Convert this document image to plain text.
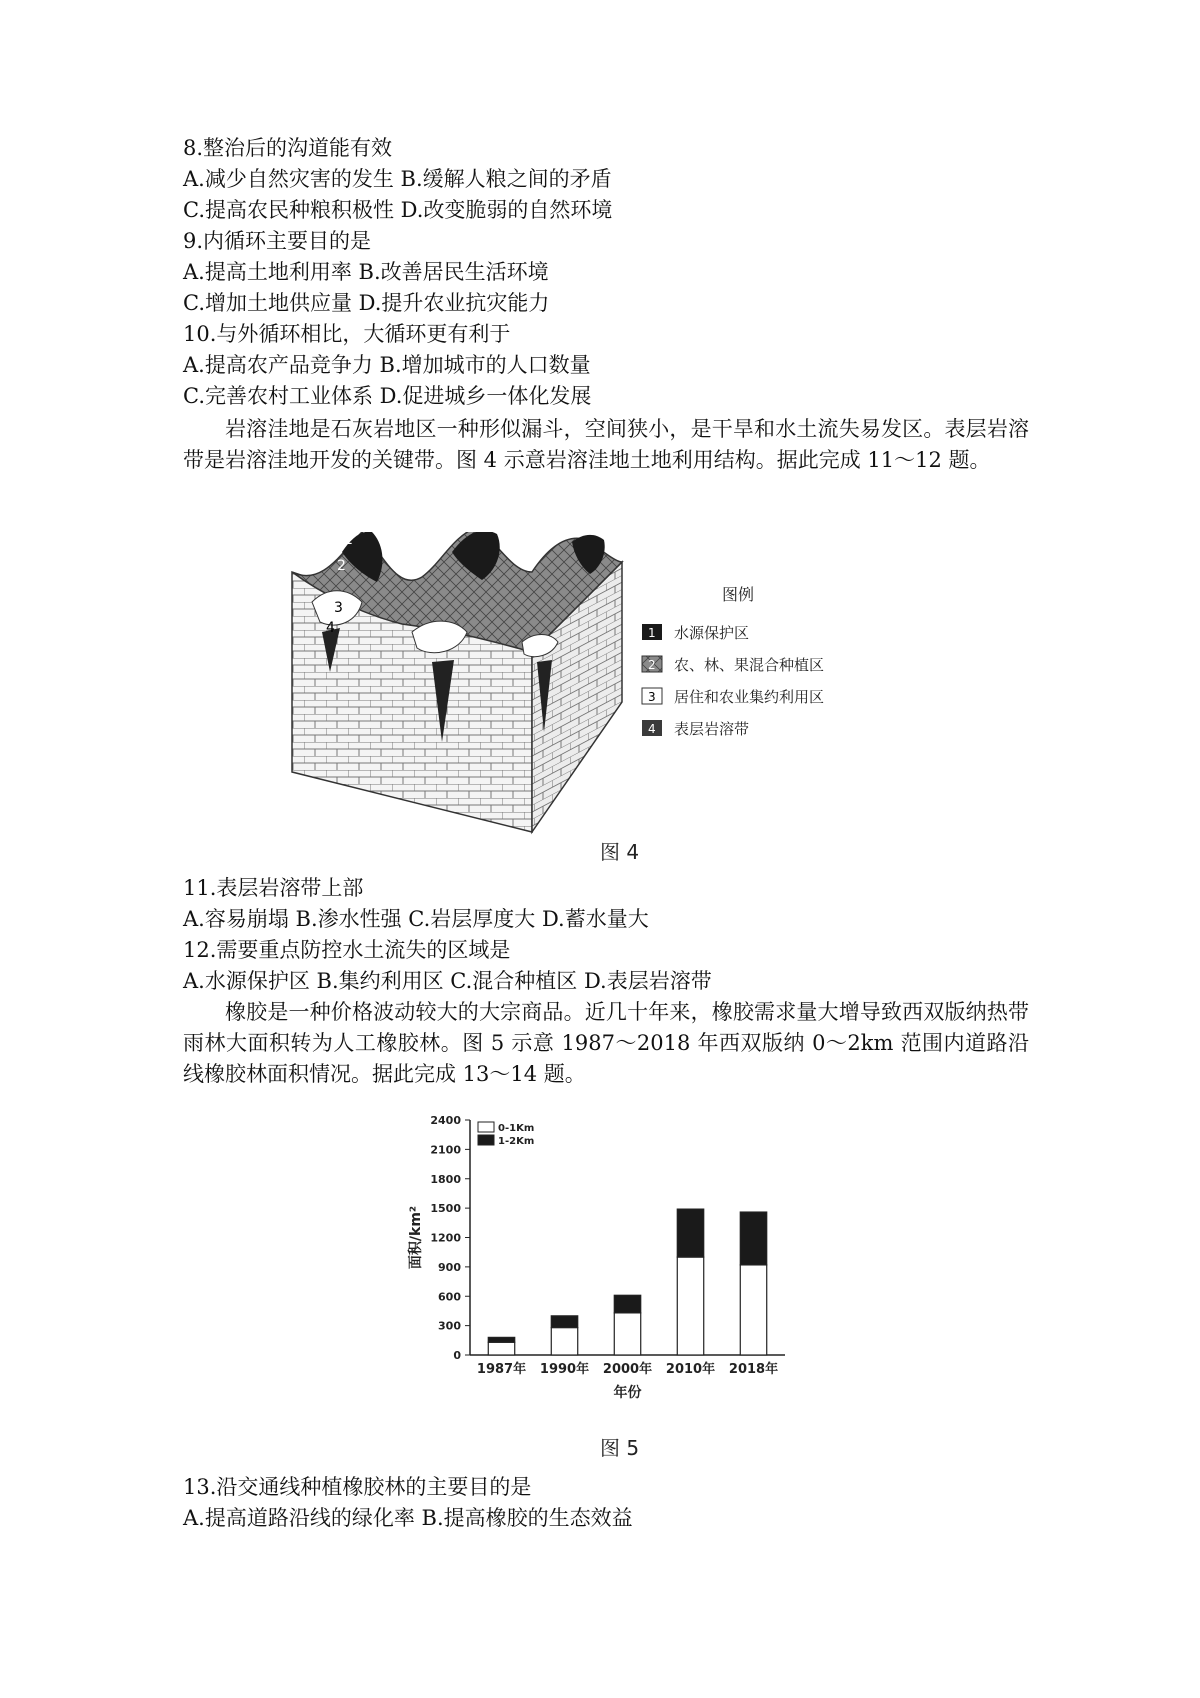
8.整治后的沟道能有效
A.减少自然灾害的发生 B.缓解人粮之间的矛盾
C.提高农民种粮积极性 D.改变脆弱的自然环境
9.内循环主要目的是
A.提高土地利用率 B.改善居民生活环境
C.增加土地供应量 D.提升农业抗灾能力
10.与外循环相比，大循环更有利于
A.提高农产品竞争力 B.增加城市的人口数量
C.完善农村工业体系 D.促进城乡一体化发展
岩溶洼地是石灰岩地区一种形似漏斗，空间狭小，是干旱和水土流失易发区。表层岩溶带是岩溶洼地开发的关键带。图 4 示意岩溶洼地土地利用结构。据此完成 11～12 题。
1
2
3
4
图例
1 水源保护区
2 农、林、果混合种植区
3 居住和农业集约利用区
4 表层岩溶带
图 4
11.表层岩溶带上部
A.容易崩塌 B.渗水性强 C.岩层厚度大 D.蓄水量大
12.需要重点防控水土流失的区域是
A.水源保护区 B.集约利用区 C.混合种植区 D.表层岩溶带
橡胶是一种价格波动较大的大宗商品。近几十年来，橡胶需求量大增导致西双版纳热带雨林大面积转为人工橡胶林。图 5 示意 1987～2018 年西双版纳 0～2km 范围内道路沿线橡胶林面积情况。据此完成 13～14 题。
0
300
600
900
1200
1500
1800
2100
2400
面积/km²
1987年 1990年 2000年 2010年 2018年
年份
0-1Km
1-2Km
图 5
13.沿交通线种植橡胶林的主要目的是
A.提高道路沿线的绿化率 B.提高橡胶的生态效益
